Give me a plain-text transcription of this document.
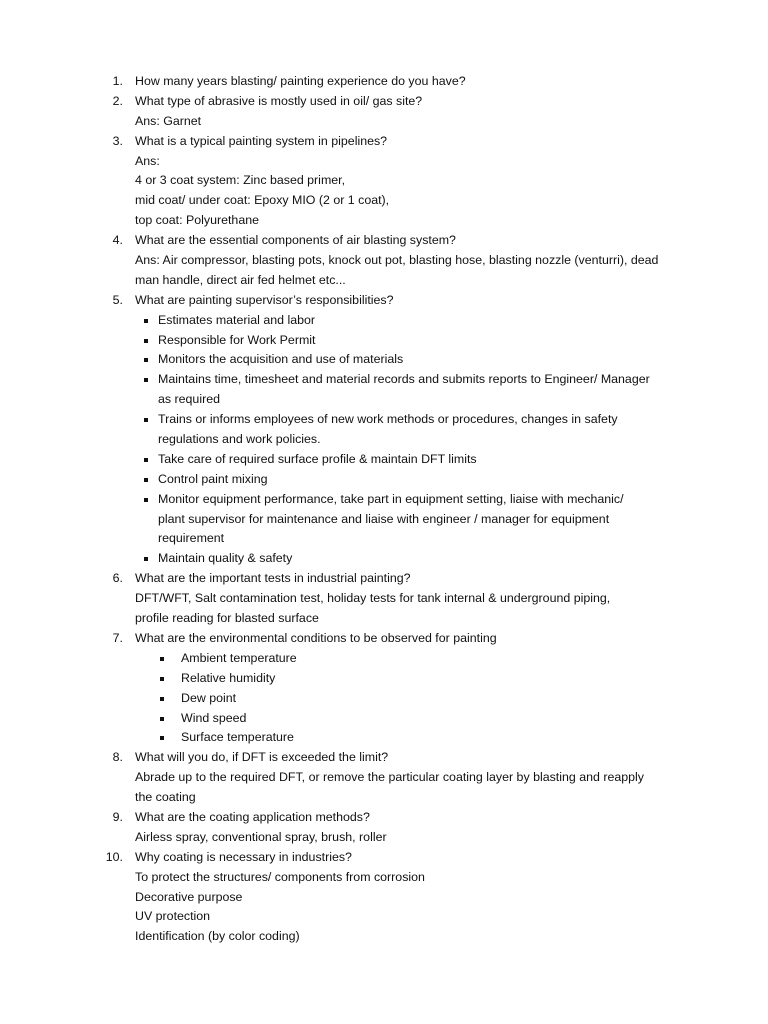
1. How many years blasting/ painting experience do you have?
2. What type of abrasive is mostly used in oil/ gas site?
Ans: Garnet
3. What is a typical painting system in pipelines?
Ans:
4 or 3 coat system: Zinc based primer,
mid coat/ under coat: Epoxy MIO (2 or 1 coat),
top coat: Polyurethane
4. What are the essential components of air blasting system?
Ans: Air compressor, blasting pots, knock out pot, blasting hose, blasting nozzle (venturri), dead
man handle, direct air fed helmet etc...
5. What are painting supervisor’s responsibilities?
Estimates material and labor
Responsible for Work Permit
Monitors the acquisition and use of materials
Maintains time, timesheet and material records and submits reports to Engineer/ Manager
as required
Trains or informs employees of new work methods or procedures, changes in safety
regulations and work policies.
Take care of required surface profile & maintain DFT limits
Control paint mixing
Monitor equipment performance, take part in equipment setting, liaise with mechanic/
plant supervisor for maintenance and liaise with engineer / manager for equipment
requirement
Maintain quality & safety
6. What are the important tests in industrial painting?
DFT/WFT, Salt contamination test, holiday tests for tank internal & underground piping,
profile reading for blasted surface
7. What are the environmental conditions to be observed for painting
Ambient temperature
Relative humidity
Dew point
Wind speed
Surface temperature
8. What will you do, if DFT is exceeded the limit?
Abrade up to the required DFT, or remove the particular coating layer by blasting and reapply
the coating
9. What are the coating application methods?
Airless spray, conventional spray, brush, roller
10. Why coating is necessary in industries?
To protect the structures/ components from corrosion
Decorative purpose
UV protection
Identification (by color coding)
